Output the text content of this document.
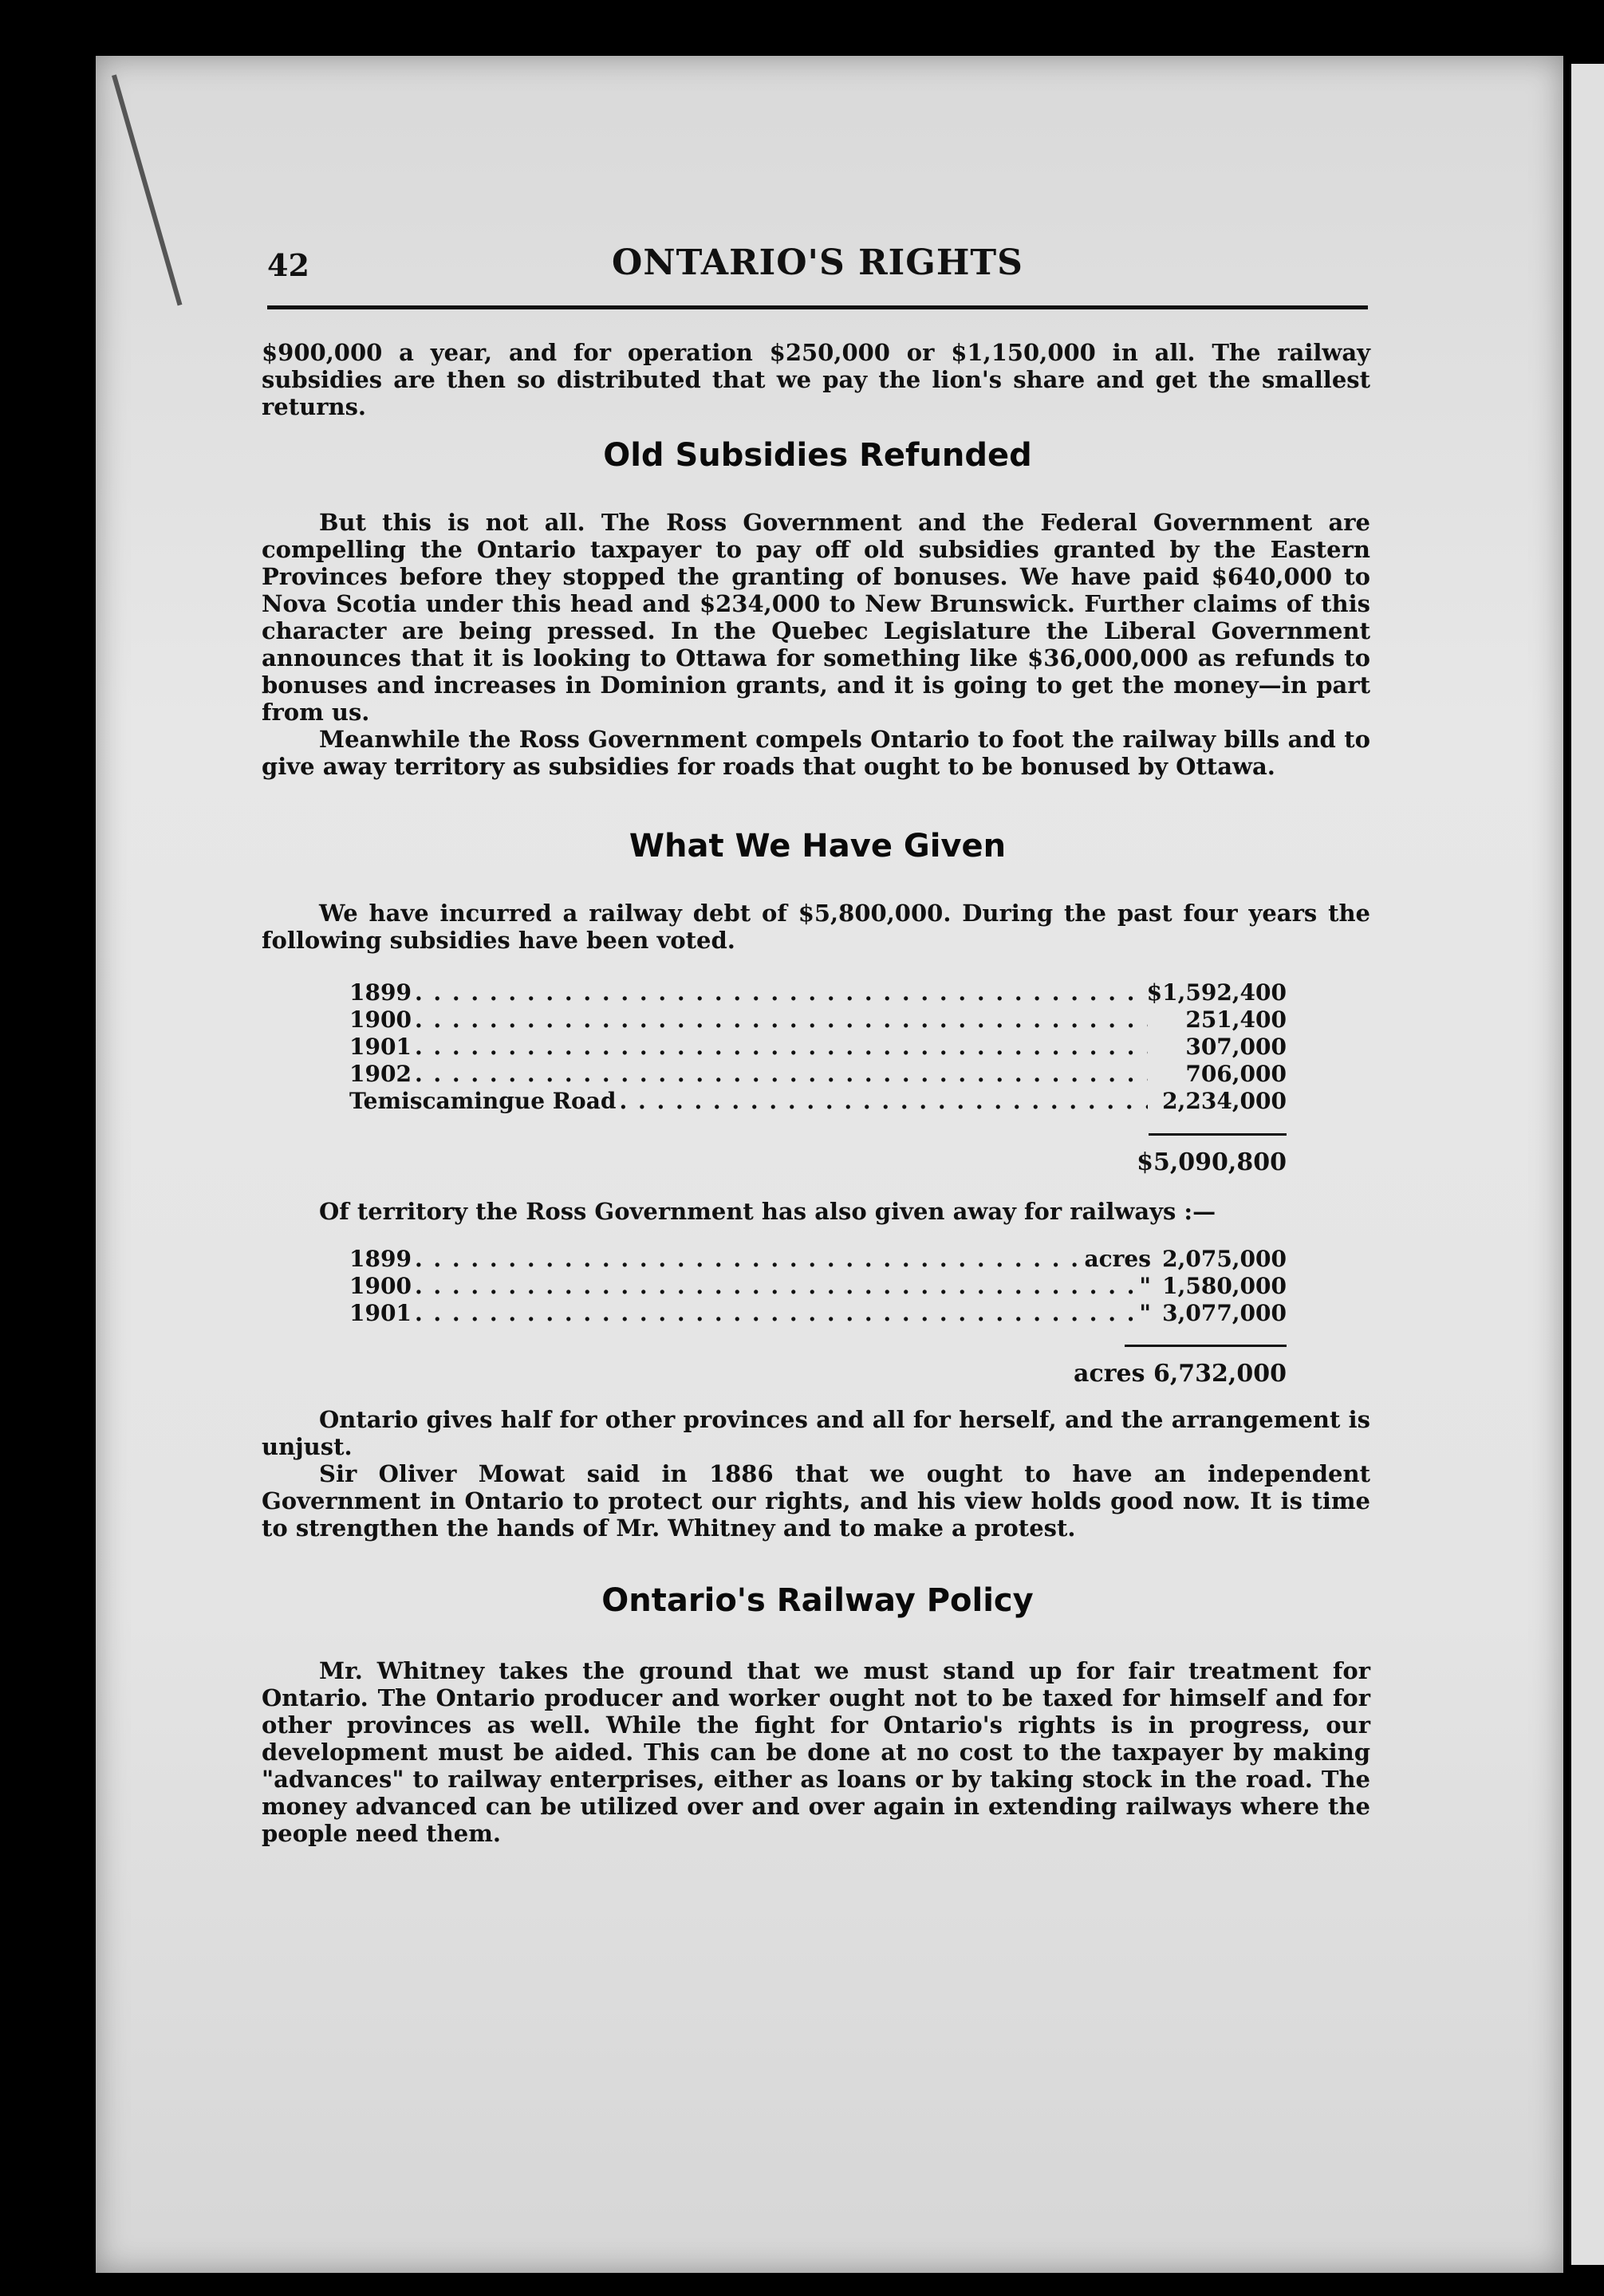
42	ONTARIO'S RIGHTS
$900,000 a year, and for operation $250,000 or $1,150,000 in all. The railway subsidies are then so distributed that we pay the lion's share and get the smallest returns.
Old Subsidies Refunded
But this is not all. The Ross Government and the Federal Government are compelling the Ontario taxpayer to pay off old subsidies granted by the Eastern Provinces before they stopped the granting of bonuses. We have paid $640,000 to Nova Scotia under this head and $234,000 to New Brunswick. Further claims of this character are being pressed. In the Quebec Legislature the Liberal Government announces that it is looking to Ottawa for something like $36,000,000 as refunds to bonuses and increases in Dominion grants, and it is going to get the money—in part from us.
Meanwhile the Ross Government compels Ontario to foot the railway bills and to give away territory as subsidies for roads that ought to be bonused by Ottawa.
What We Have Given
We have incurred a railway debt of $5,800,000. During the past four years the following subsidies have been voted.
1899 . . .	$1,592,400
1900 . . .	251,400
1901 . . .	307,000
1902 . . .	706,000
Temiscamingue Road . . .	2,234,000
$5,090,800
Of territory the Ross Government has also given away for railways :—
1899 . . .	acres 2,075,000
1900 . . .	" 1,580,000
1901 . . .	" 3,077,000
acres 6,732,000
Ontario gives half for other provinces and all for herself, and the arrangement is unjust.
Sir Oliver Mowat said in 1886 that we ought to have an independent Government in Ontario to protect our rights, and his view holds good now. It is time to strengthen the hands of Mr. Whitney and to make a protest.
Ontario's Railway Policy
Mr. Whitney takes the ground that we must stand up for fair treatment for Ontario. The Ontario producer and worker ought not to be taxed for himself and for other provinces as well. While the fight for Ontario's rights is in progress, our development must be aided. This can be done at no cost to the taxpayer by making "advances" to railway enterprises, either as loans or by taking stock in the road. The money advanced can be utilized over and over again in extending railways where the people need them.
